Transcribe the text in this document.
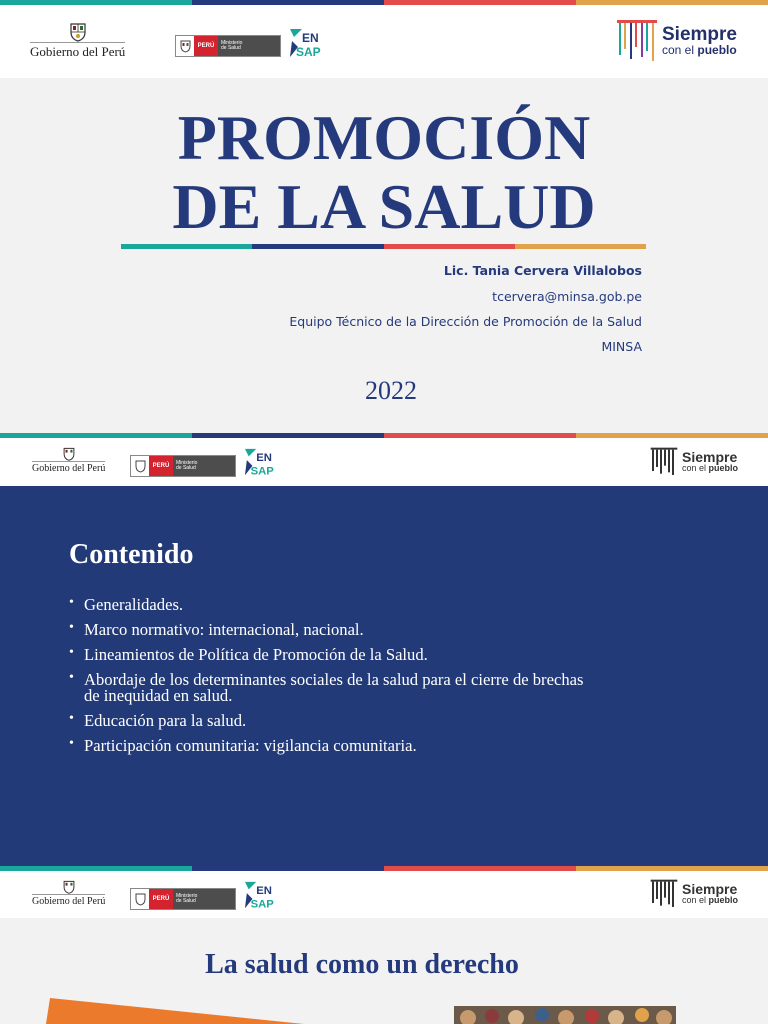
Gobierno del Perú	PERÚ
Ministerio
de Salud
EN
SAP
Siempre
con el pueblo
PROMOCIÓN
DE LA SALUD
Lic. Tania Cervera Villalobos
tcervera@minsa.gob.pe
Equipo Técnico de la Dirección de Promoción de la Salud
MINSA
2022
Gobierno del Perú	PERÚ
Ministerio
de Salud
EN
SAP
Siempre
con el pueblo
Contenido
• Generalidades.
• Marco normativo: internacional, nacional.
• Lineamientos de Política de Promoción de la Salud.
• Abordaje de los determinantes sociales de la salud para el cierre de brechas
de inequidad en salud.
• Educación para la salud.
• Participación comunitaria: vigilancia comunitaria.
Gobierno del Perú	PERÚ
Ministerio
de Salud
EN
SAP
Siempre
con el pueblo
La salud como un derecho
